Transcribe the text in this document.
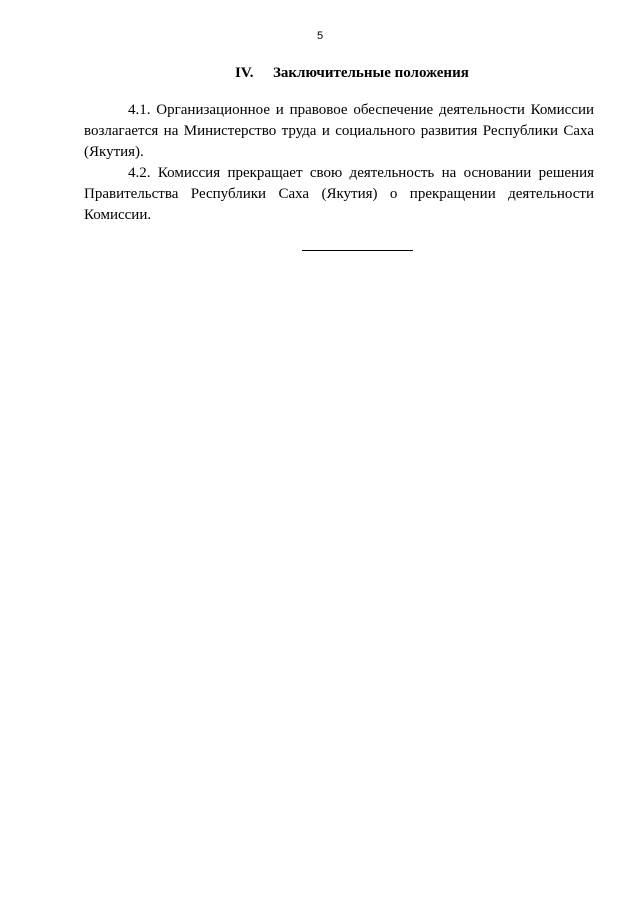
5
IV. Заключительные положения

4.1. Организационное и правовое обеспечение деятельности Комиссии возлагается на Министерство труда и социального развития Республики Саха (Якутия).

4.2. Комиссия прекращает свою деятельность на основании решения Правительства Республики Саха (Якутия) о прекращении деятельности Комиссии.
